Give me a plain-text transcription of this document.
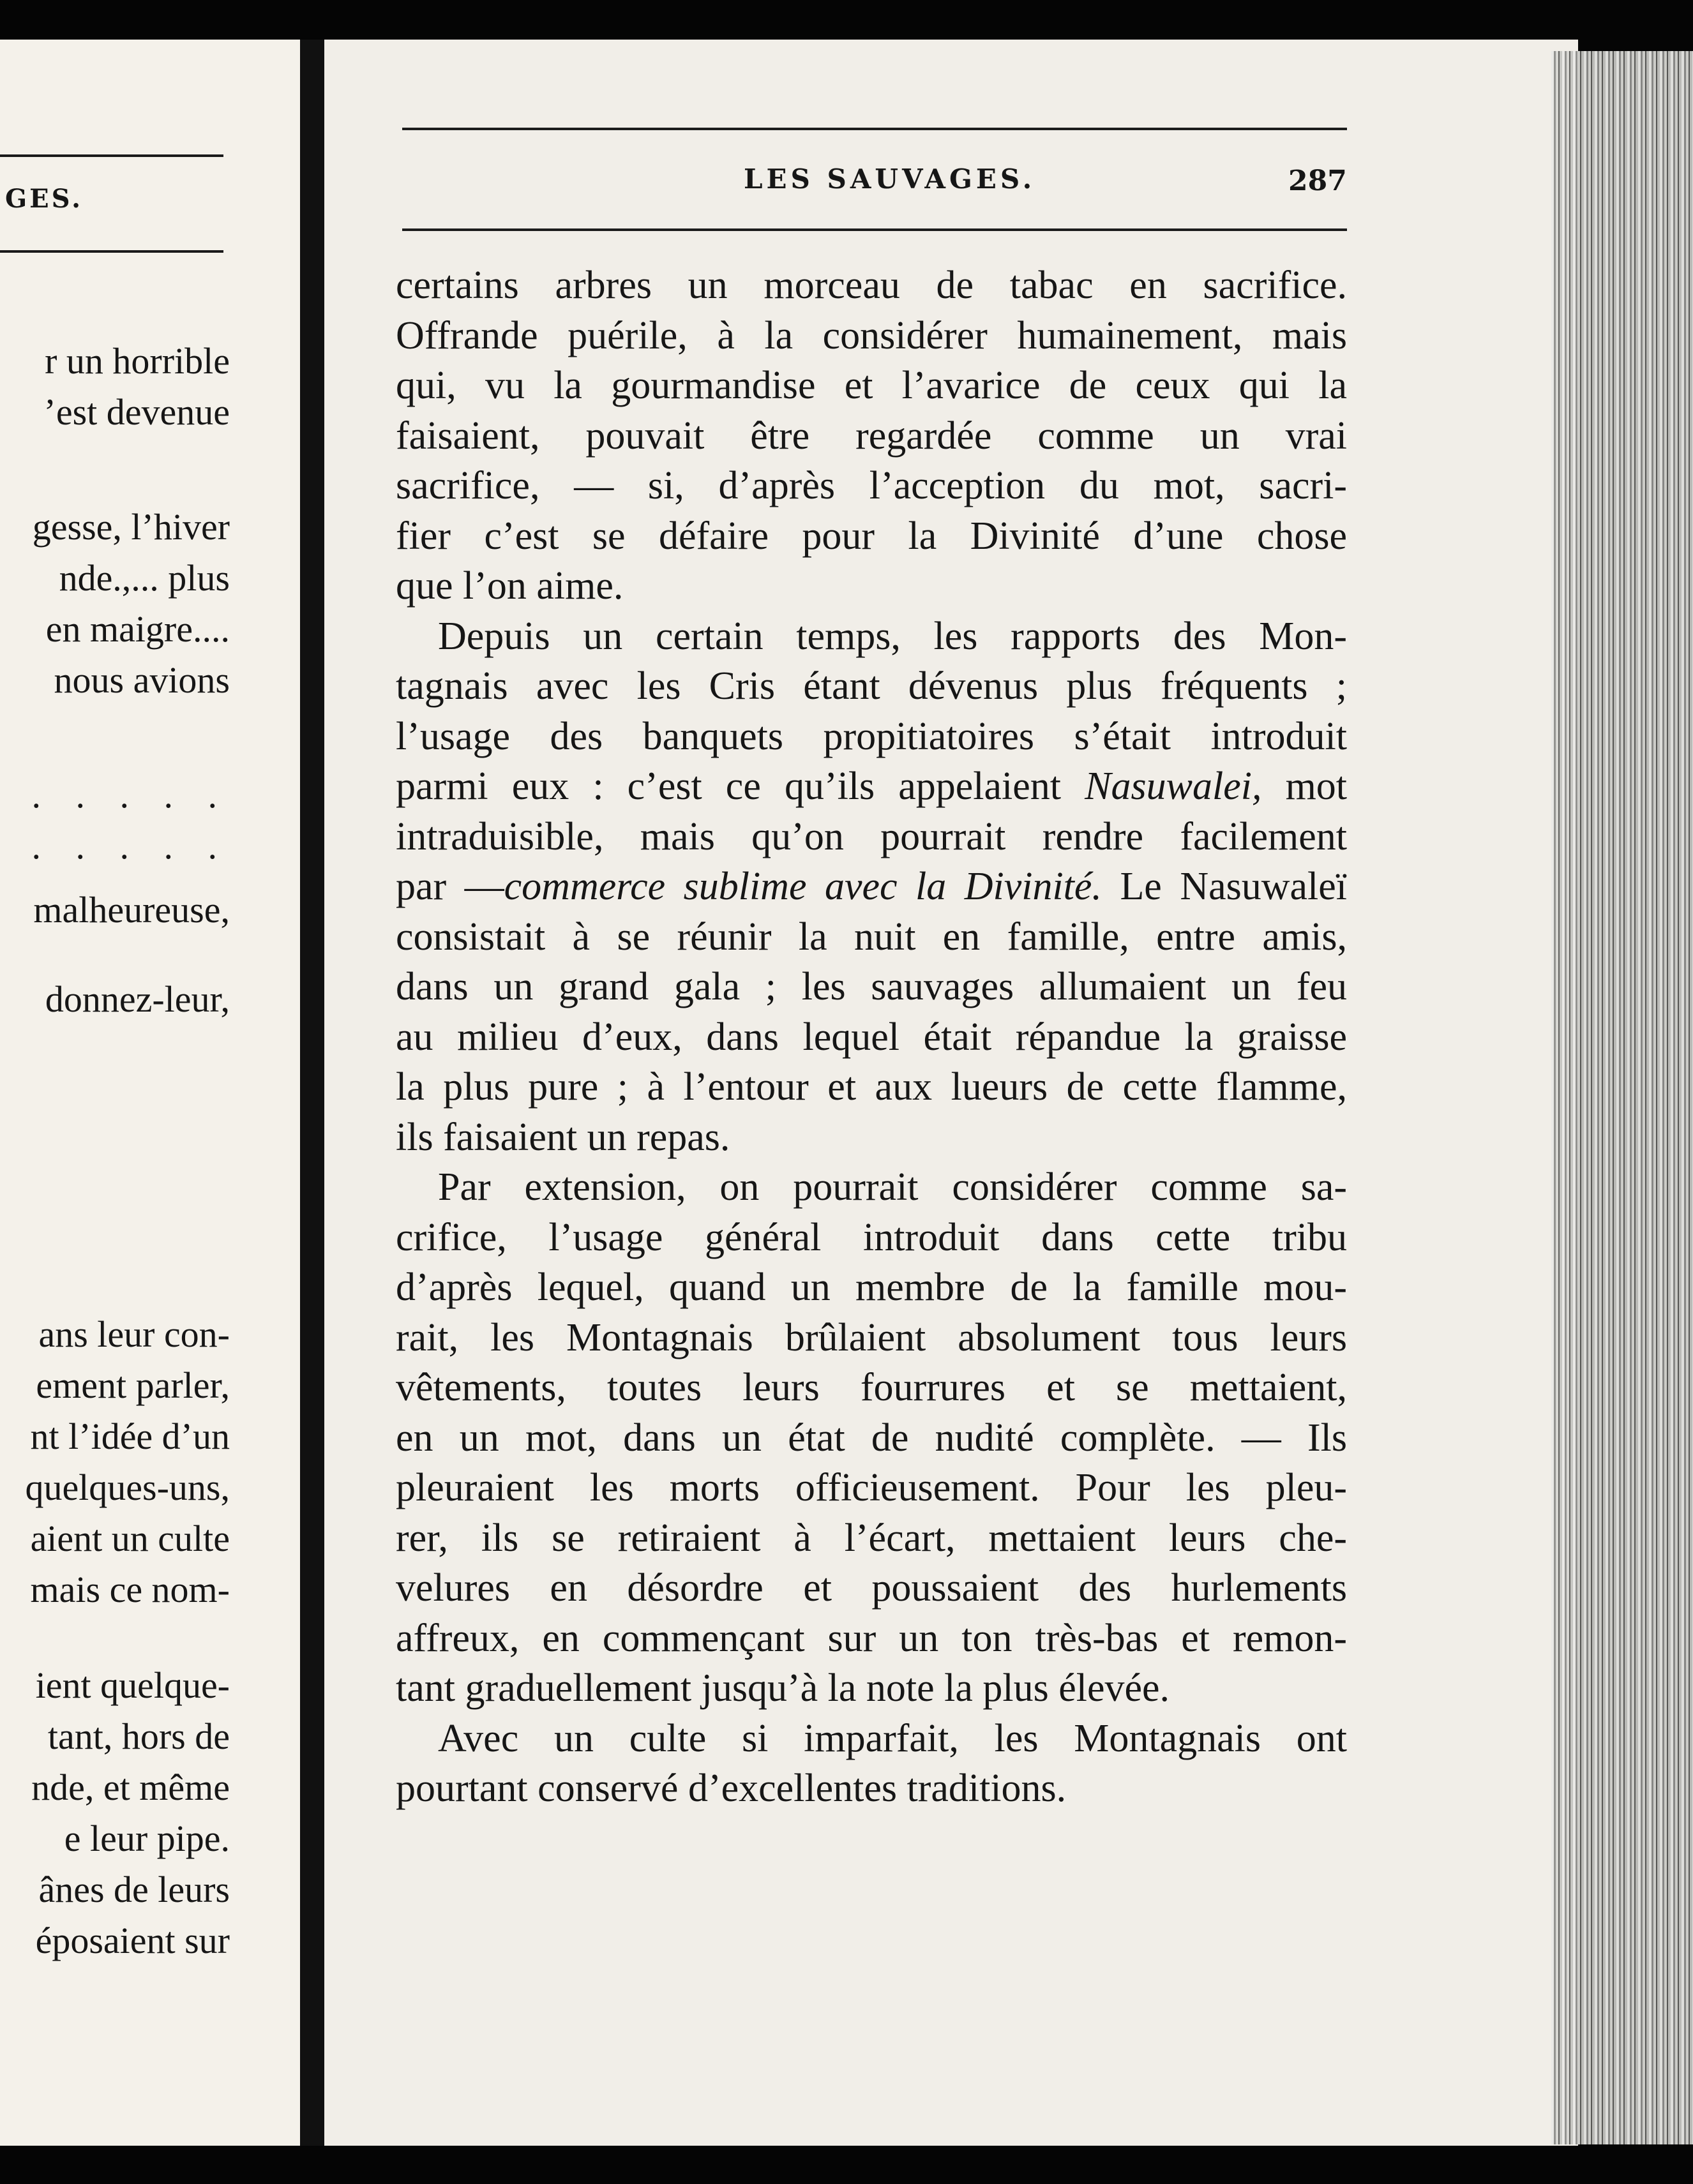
GES.
r un horrible
’est devenue
gesse, l’hiver
nde.,... plus
en maigre....
nous avions
. . . . .
. . . . .
malheureuse,
donnez-leur,
ans leur con-
ement parler,
nt l’idée d’un
quelques-uns,
aient un culte
mais ce nom-
ient quelque-
tant, hors de
nde, et même
e leur pipe.
ânes de leurs
éposaient sur
LES SAUVAGES.	287
certains arbres un morceau de tabac en sacrifice.
Offrande puérile, à la considérer humainement, mais
qui, vu la gourmandise et l’avarice de ceux qui la
faisaient, pouvait être regardée comme un vrai
sacrifice, — si, d’après l’acception du mot, sacri-
fier c’est se défaire pour la Divinité d’une chose
que l’on aime.
Depuis un certain temps, les rapports des Mon-
tagnais avec les Cris étant dévenus plus fréquents ;
l’usage des banquets propitiatoires s’était introduit
parmi eux : c’est ce qu’ils appelaient Nasuwalei, mot
intraduisible, mais qu’on pourrait rendre facilement
par —commerce sublime avec la Divinité. Le Nasuwaleï
consistait à se réunir la nuit en famille, entre amis,
dans un grand gala ; les sauvages allumaient un feu
au milieu d’eux, dans lequel était répandue la graisse
la plus pure ; à l’entour et aux lueurs de cette flamme,
ils faisaient un repas.
Par extension, on pourrait considérer comme sa-
crifice, l’usage général introduit dans cette tribu
d’après lequel, quand un membre de la famille mou-
rait, les Montagnais brûlaient absolument tous leurs
vêtements, toutes leurs fourrures et se mettaient,
en un mot, dans un état de nudité complète. — Ils
pleuraient les morts officieusement. Pour les pleu-
rer, ils se retiraient à l’écart, mettaient leurs che-
velures en désordre et poussaient des hurlements
affreux, en commençant sur un ton très-bas et remon-
tant graduellement jusqu’à la note la plus élevée.
Avec un culte si imparfait, les Montagnais ont
pourtant conservé d’excellentes traditions.
